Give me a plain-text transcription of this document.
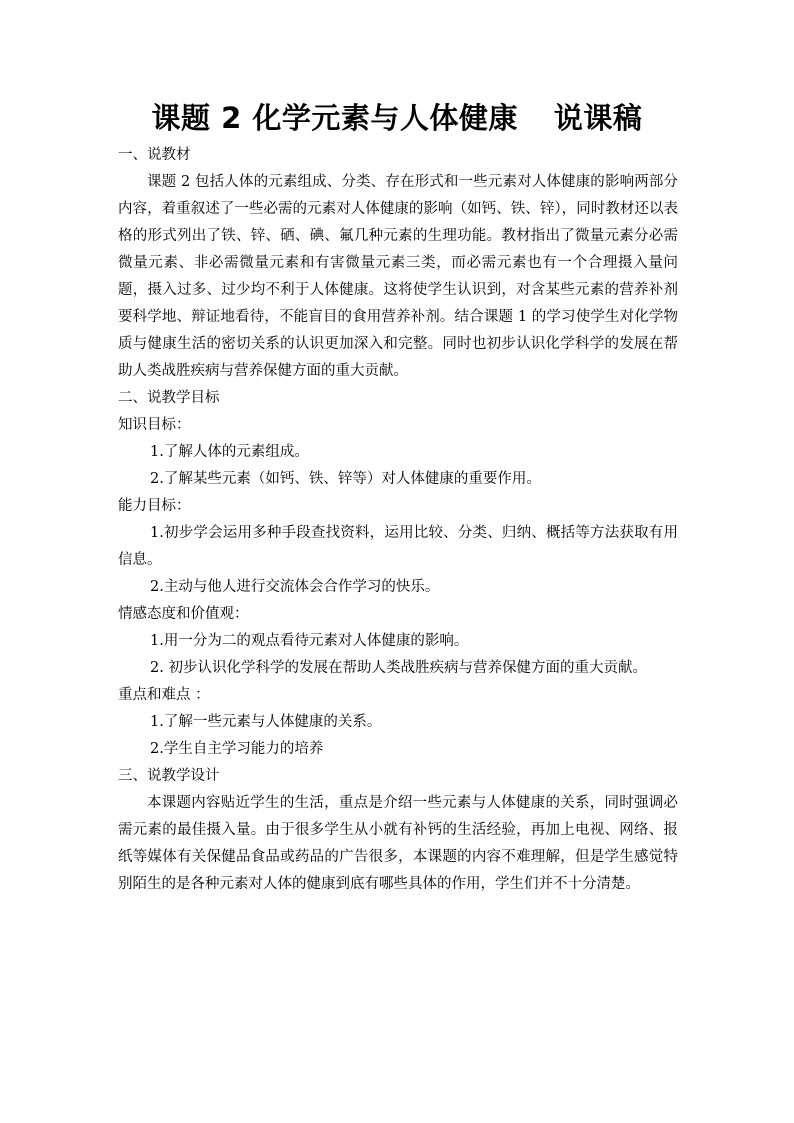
课题 2 化学元素与人体健康 说课稿

一、说教材

课题 2 包括人体的元素组成、分类、存在形式和一些元素对人体健康的影响两部分内容，着重叙述了一些必需的元素对人体健康的影响（如钙、铁、锌），同时教材还以表格的形式列出了铁、锌、硒、碘、氟几种元素的生理功能。教材指出了微量元素分必需微量元素、非必需微量元素和有害微量元素三类，而必需元素也有一个合理摄入量问题，摄入过多、过少均不利于人体健康。这将使学生认识到，对含某些元素的营养补剂要科学地、辩证地看待，不能盲目的食用营养补剂。结合课题 1 的学习使学生对化学物质与健康生活的密切关系的认识更加深入和完整。同时也初步认识化学科学的发展在帮助人类战胜疾病与营养保健方面的重大贡献。

二、说教学目标

知识目标：

1.了解人体的元素组成。

2.了解某些元素（如钙、铁、锌等）对人体健康的重要作用。

能力目标：

1.初步学会运用多种手段查找资料，运用比较、分类、归纳、概括等方法获取有用信息。

2.主动与他人进行交流体会合作学习的快乐。

情感态度和价值观：

1.用一分为二的观点看待元素对人体健康的影响。

2. 初步认识化学科学的发展在帮助人类战胜疾病与营养保健方面的重大贡献。

重点和难点 ：

1.了解一些元素与人体健康的关系。

2.学生自主学习能力的培养

三、说教学设计

本课题内容贴近学生的生活，重点是介绍一些元素与人体健康的关系，同时强调必需元素的最佳摄入量。由于很多学生从小就有补钙的生活经验，再加上电视、网络、报纸等媒体有关保健品食品或药品的广告很多，本课题的内容不难理解，但是学生感觉特别陌生的是各种元素对人体的健康到底有哪些具体的作用，学生们并不十分清楚。
